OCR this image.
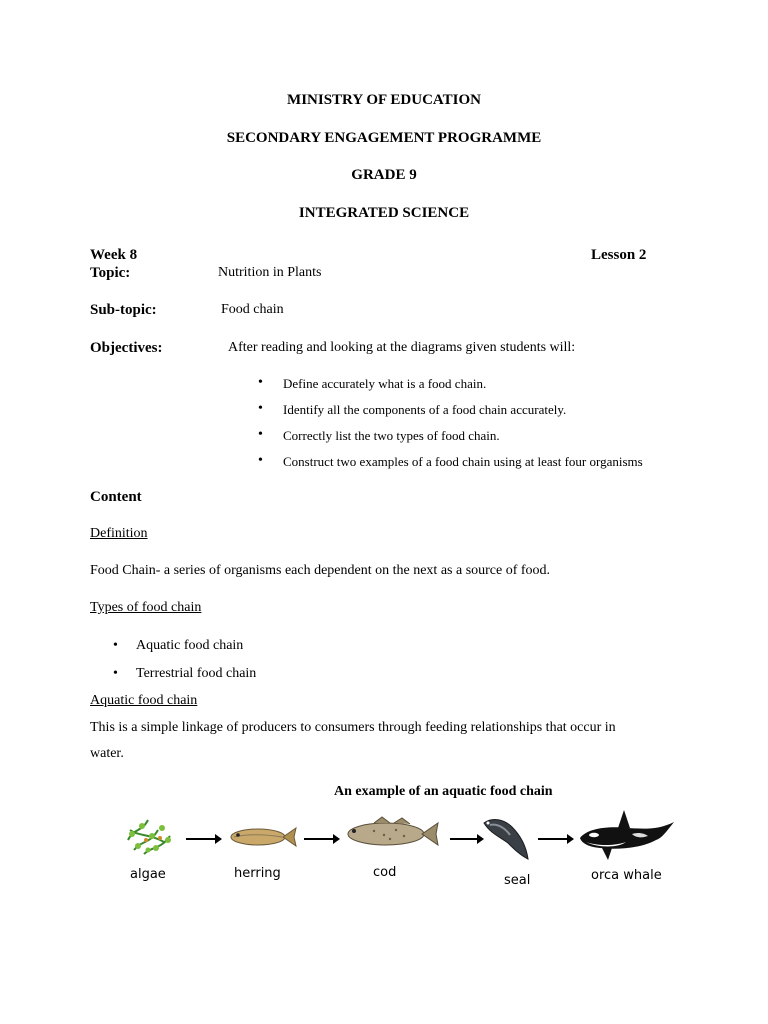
MINISTRY OF EDUCATION
SECONDARY ENGAGEMENT PROGRAMME
GRADE 9
INTEGRATED SCIENCE
Week 8	Lesson 2
Topic:	Nutrition in Plants
Sub-topic:	Food chain
Objectives:	After reading and looking at the diagrams given students will:
• Define accurately what is a food chain.
• Identify all the components of a food chain accurately.
• Correctly list the two types of food chain.
• Construct two examples of a food chain using at least four organisms
Content
Definition
Food Chain- a series of organisms each dependent on the next as a source of food.
Types of food chain
• Aquatic food chain
• Terrestrial food chain
Aquatic food chain
This is a simple linkage of producers to consumers through feeding relationships that occur in
water.
An example of an aquatic food chain
algae	herring	cod
seal	orca whale
